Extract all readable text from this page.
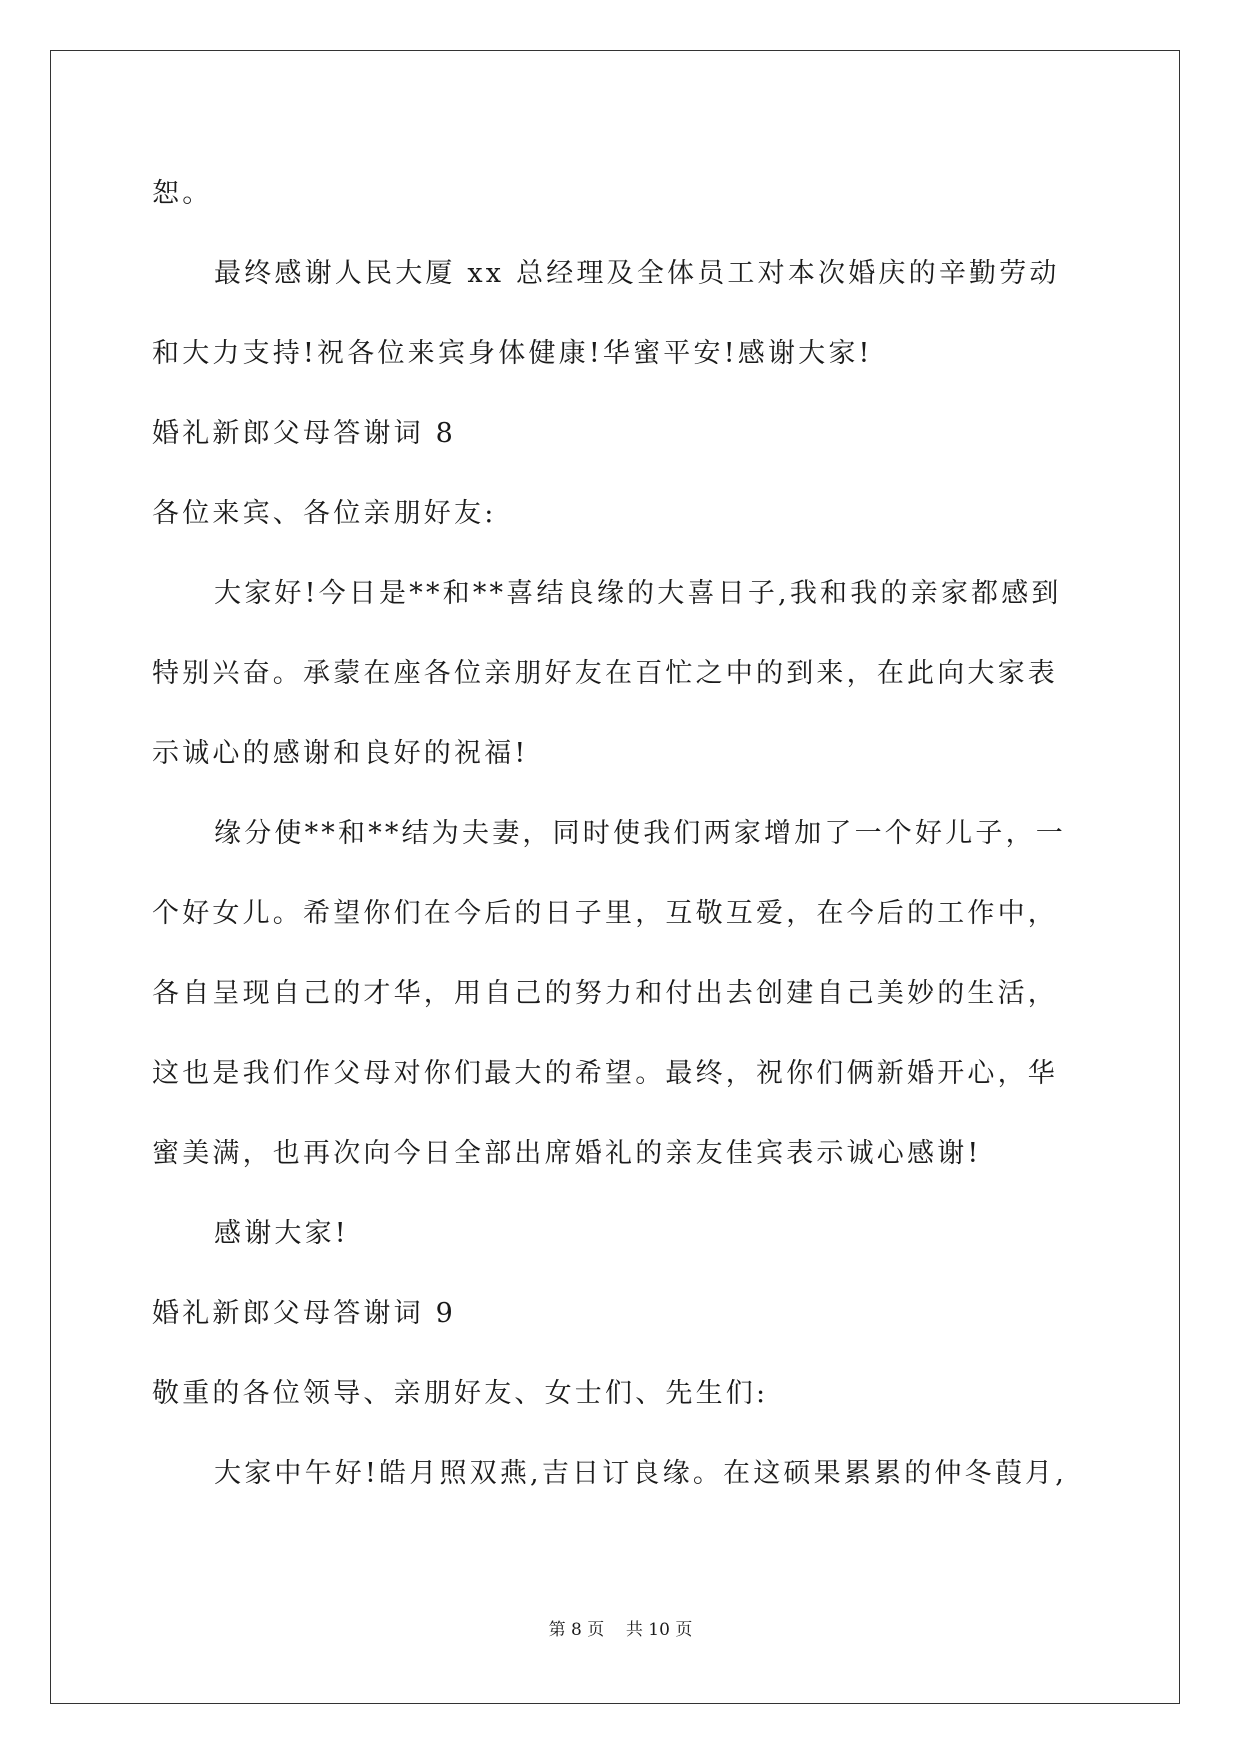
恕。
最终感谢人民大厦 xx 总经理及全体员工对本次婚庆的辛勤劳动
和大力支持!祝各位来宾身体健康!华蜜平安!感谢大家!
婚礼新郎父母答谢词 8
各位来宾、各位亲朋好友:
大家好!今日是**和**喜结良缘的大喜日子,我和我的亲家都感到
特别兴奋。承蒙在座各位亲朋好友在百忙之中的到来，在此向大家表
示诚心的感谢和良好的祝福!
缘分使**和**结为夫妻，同时使我们两家增加了一个好儿子，一
个好女儿。希望你们在今后的日子里，互敬互爱，在今后的工作中，
各自呈现自己的才华，用自己的努力和付出去创建自己美妙的生活，
这也是我们作父母对你们最大的希望。最终，祝你们俩新婚开心，华
蜜美满，也再次向今日全部出席婚礼的亲友佳宾表示诚心感谢!
感谢大家!
婚礼新郎父母答谢词 9
敬重的各位领导、亲朋好友、女士们、先生们:
大家中午好!皓月照双燕,吉日订良缘。在这硕果累累的仲冬葭月,
第 8 页    共 10 页
